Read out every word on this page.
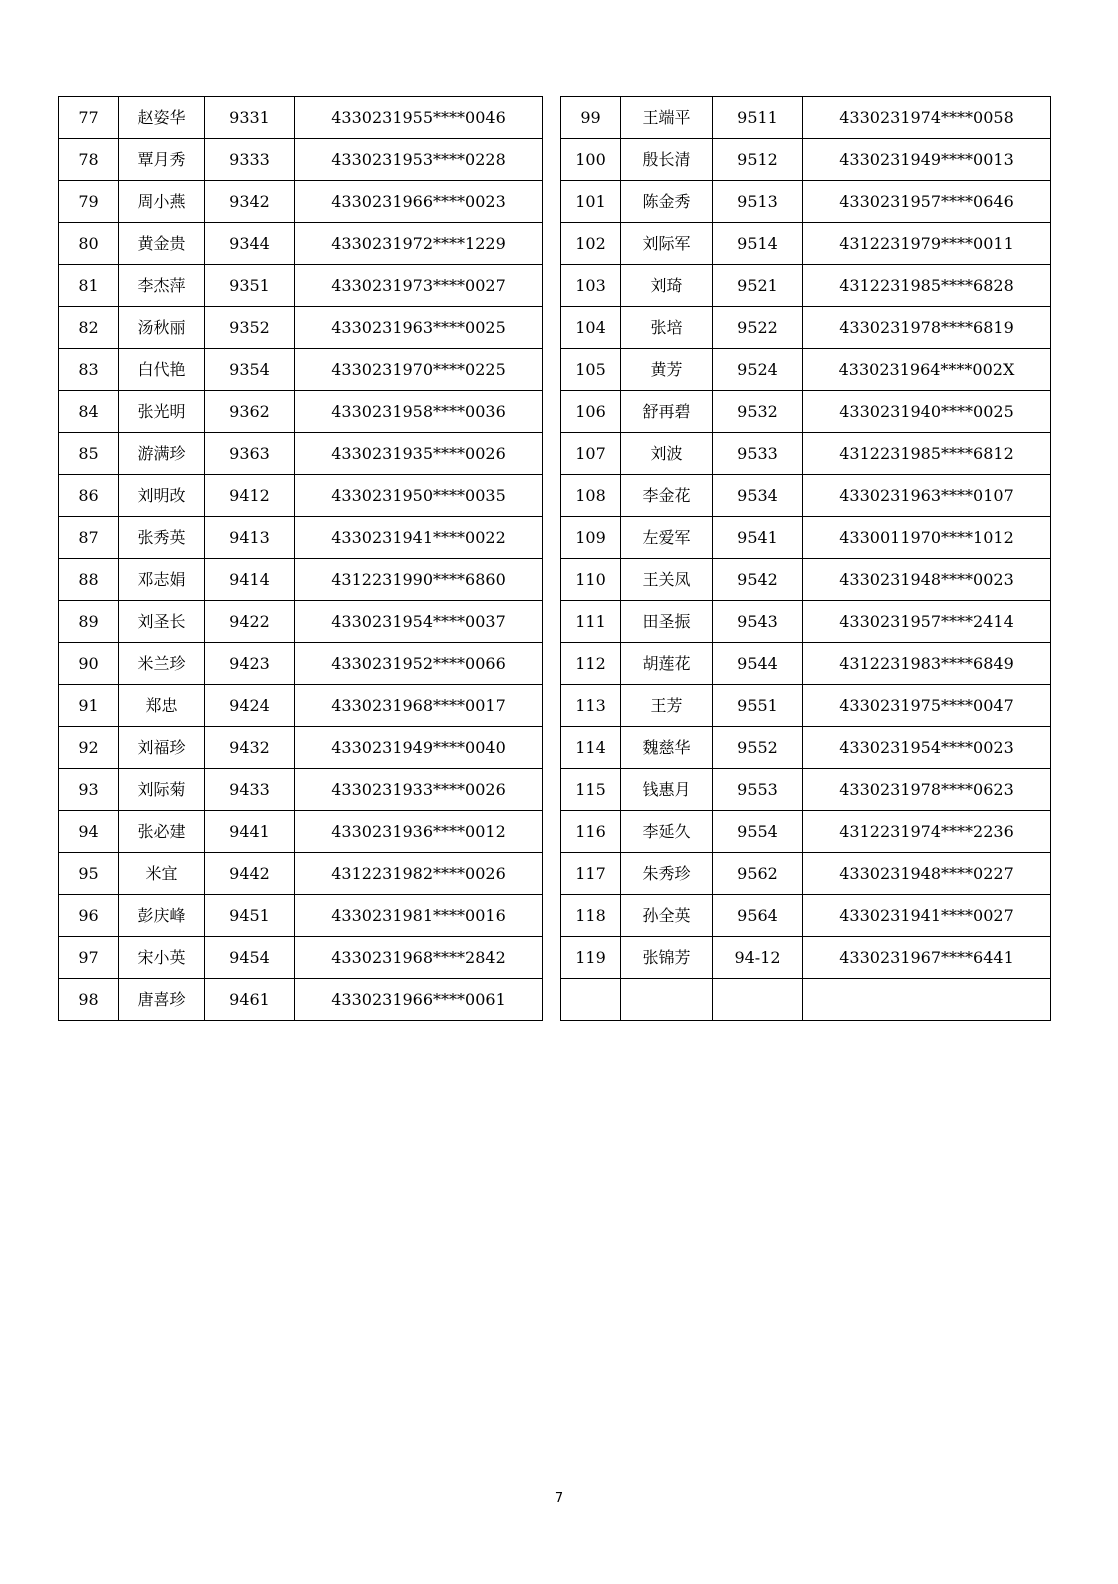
77	赵姿华	9331	4330231955****0046
78	覃月秀	9333	4330231953****0228
79	周小燕	9342	4330231966****0023
80	黄金贵	9344	4330231972****1229
81	李杰萍	9351	4330231973****0027
82	汤秋丽	9352	4330231963****0025
83	白代艳	9354	4330231970****0225
84	张光明	9362	4330231958****0036
85	游满珍	9363	4330231935****0026
86	刘明改	9412	4330231950****0035
87	张秀英	9413	4330231941****0022
88	邓志娟	9414	4312231990****6860
89	刘圣长	9422	4330231954****0037
90	米兰珍	9423	4330231952****0066
91	郑忠	9424	4330231968****0017
92	刘福珍	9432	4330231949****0040
93	刘际菊	9433	4330231933****0026
94	张必建	9441	4330231936****0012
95	米宜	9442	4312231982****0026
96	彭庆峰	9451	4330231981****0016
97	宋小英	9454	4330231968****2842
98	唐喜珍	9461	4330231966****0061
99	王端平	9511	4330231974****0058
100	殷长清	9512	4330231949****0013
101	陈金秀	9513	4330231957****0646
102	刘际军	9514	4312231979****0011
103	刘琦	9521	4312231985****6828
104	张培	9522	4330231978****6819
105	黄芳	9524	4330231964****002X
106	舒再碧	9532	4330231940****0025
107	刘波	9533	4312231985****6812
108	李金花	9534	4330231963****0107
109	左爱军	9541	4330011970****1012
110	王关凤	9542	4330231948****0023
111	田圣振	9543	4330231957****2414
112	胡莲花	9544	4312231983****6849
113	王芳	9551	4330231975****0047
114	魏慈华	9552	4330231954****0023
115	钱惠月	9553	4330231978****0623
116	李延久	9554	4312231974****2236
117	朱秀珍	9562	4330231948****0227
118	孙全英	9564	4330231941****0027
119	张锦芳	94-12	4330231967****6441

7
